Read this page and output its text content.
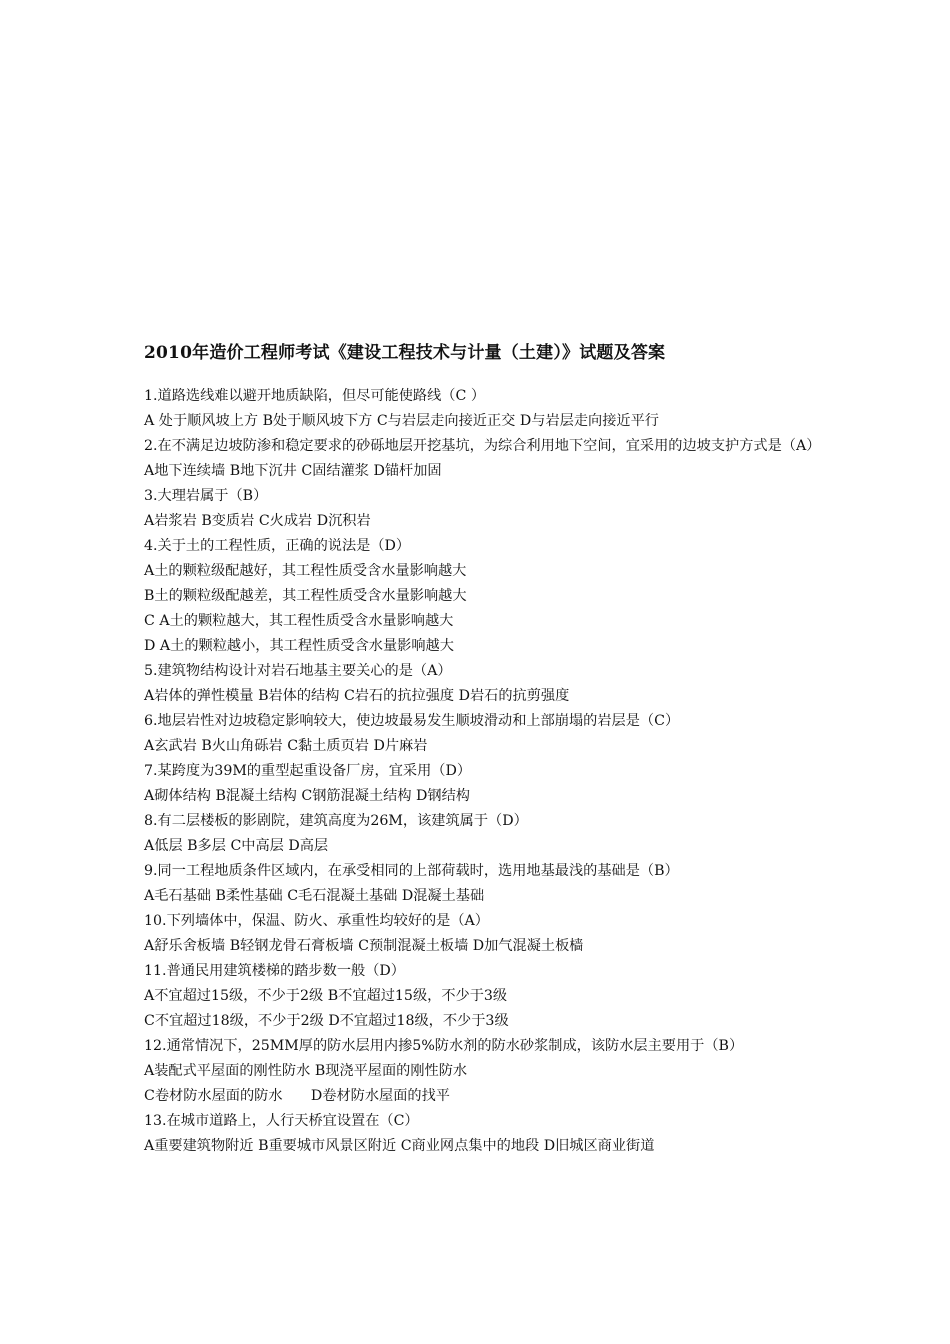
2010年造价工程师考试《建设工程技术与计量（土建）》试题及答案
1.道路选线难以避开地质缺陷，但尽可能使路线（C ）
A 处于顺风坡上方 B处于顺风坡下方 C与岩层走向接近正交 D与岩层走向接近平行
2.在不满足边坡防渗和稳定要求的砂砾地层开挖基坑，为综合利用地下空间，宜采用的边坡支护方式是（A）
A地下连续墙 B地下沉井 C固结灌浆 D锚杆加固
3.大理岩属于（B）
A岩浆岩 B变质岩 C火成岩 D沉积岩
4.关于土的工程性质，正确的说法是（D）
A土的颗粒级配越好，其工程性质受含水量影响越大
B土的颗粒级配越差，其工程性质受含水量影响越大
C A土的颗粒越大，其工程性质受含水量影响越大
D A土的颗粒越小，其工程性质受含水量影响越大
5.建筑物结构设计对岩石地基主要关心的是（A）
A岩体的弹性模量 B岩体的结构 C岩石的抗拉强度 D岩石的抗剪强度
6.地层岩性对边坡稳定影响较大，使边坡最易发生顺坡滑动和上部崩塌的岩层是（C）
A玄武岩 B火山角砾岩 C黏土质页岩 D片麻岩
7.某跨度为39M的重型起重设备厂房，宜采用（D）
A砌体结构 B混凝土结构 C钢筋混凝土结构 D钢结构
8.有二层楼板的影剧院，建筑高度为26M，该建筑属于（D）
A低层 B多层 C中高层 D高层
9.同一工程地质条件区域内，在承受相同的上部荷载时，选用地基最浅的基础是（B）
A毛石基础 B柔性基础 C毛石混凝土基础 D混凝土基础
10.下列墙体中，保温、防火、承重性均较好的是（A）
A舒乐舍板墙 B轻钢龙骨石膏板墙 C预制混凝土板墙 D加气混凝土板樯
11.普通民用建筑楼梯的踏步数一般（D）
A不宜超过15级，不少于2级 B不宜超过15级，不少于3级
C不宜超过18级，不少于2级 D不宜超过18级，不少于3级
12.通常情况下，25MM厚的防水层用内掺5%防水剂的防水砂浆制成，该防水层主要用于（B）
A装配式平屋面的刚性防水 B现浇平屋面的刚性防水
C卷材防水屋面的防水　　D卷材防水屋面的找平
13.在城市道路上，人行天桥宜设置在（C）
A重要建筑物附近 B重要城市风景区附近 C商业网点集中的地段 D旧城区商业街道
